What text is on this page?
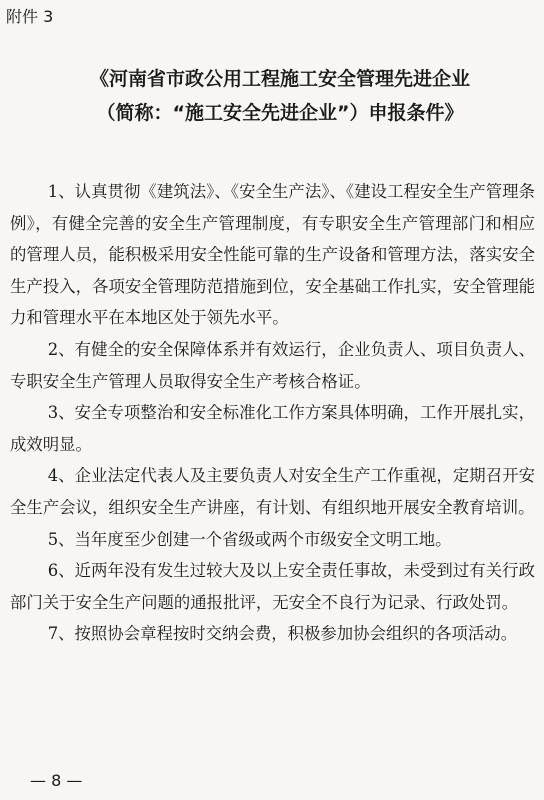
附件 3
《河南省市政公用工程施工安全管理先进企业
（简称：“施工安全先进企业”）申报条件》

1、认真贯彻《建筑法》、《安全生产法》、《建设工程安全生产管理条例》，有健全完善的安全生产管理制度，有专职安全生产管理部门和相应的管理人员，能积极采用安全性能可靠的生产设备和管理方法，落实安全生产投入，各项安全管理防范措施到位，安全基础工作扎实，安全管理能力和管理水平在本地区处于领先水平。

2、有健全的安全保障体系并有效运行，企业负责人、项目负责人、专职安全生产管理人员取得安全生产考核合格证。

3、安全专项整治和安全标准化工作方案具体明确，工作开展扎实，成效明显。

4、企业法定代表人及主要负责人对安全生产工作重视，定期召开安全生产会议，组织安全生产讲座，有计划、有组织地开展安全教育培训。

5、当年度至少创建一个省级或两个市级安全文明工地。

6、近两年没有发生过较大及以上安全责任事故，未受到过有关行政部门关于安全生产问题的通报批评，无安全不良行为记录、行政处罚。

7、按照协会章程按时交纳会费，积极参加协会组织的各项活动。

— 8 —
